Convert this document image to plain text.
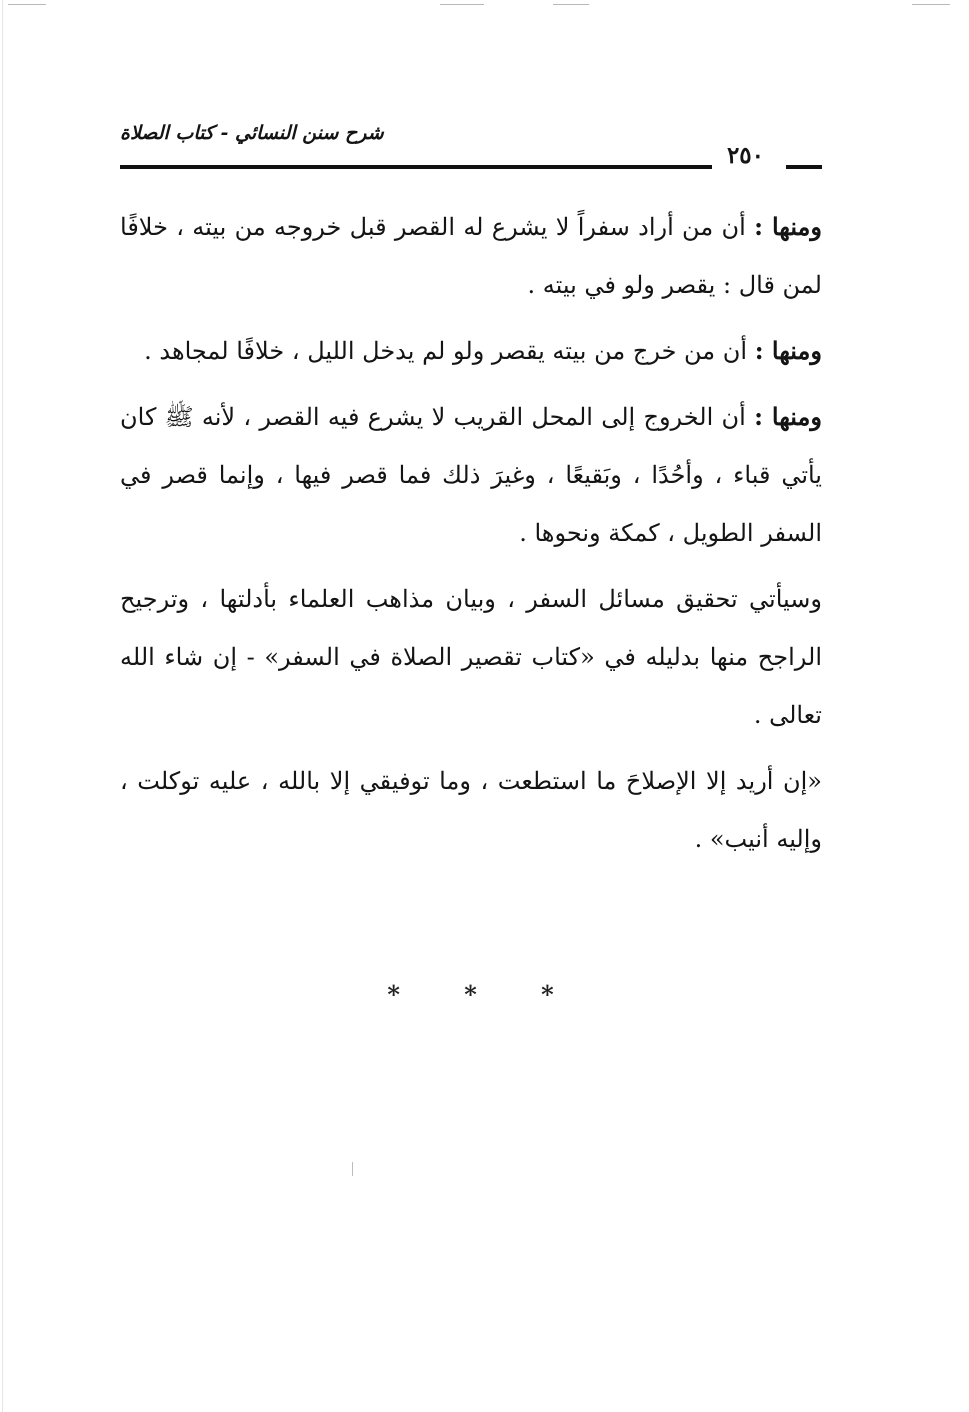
شرح سنن النسائي - كتاب الصلاة
٢٥٠

ومنها : أن من أراد سفراً لا يشرع له القصر قبل خروجه من بيته ، خلافًا لمن قال : يقصر ولو في بيته .

ومنها : أن من خرج من بيته يقصر ولو لم يدخل الليل ، خلافًا لمجاهد .

ومنها : أن الخروج إلى المحل القريب لا يشرع فيه القصر ، لأنه ﷺ كان يأتي قباء ، وأحُدًا ، وبَقيعًا ، وغيرَ ذلك فما قصر فيها ، وإنما قصر في السفر الطويل ، كمكة ونحوها .

وسيأتي تحقيق مسائل السفر ، وبيان مذاهب العلماء بأدلتها ، وترجيح الراجح منها بدليله في «كتاب تقصير الصلاة في السفر» - إن شاء الله تعالى .

«إن أريد إلا الإصلاحَ ما استطعت ، وما توفيقي إلا بالله ، عليه توكلت ، وإليه أنيب» .

* * *
